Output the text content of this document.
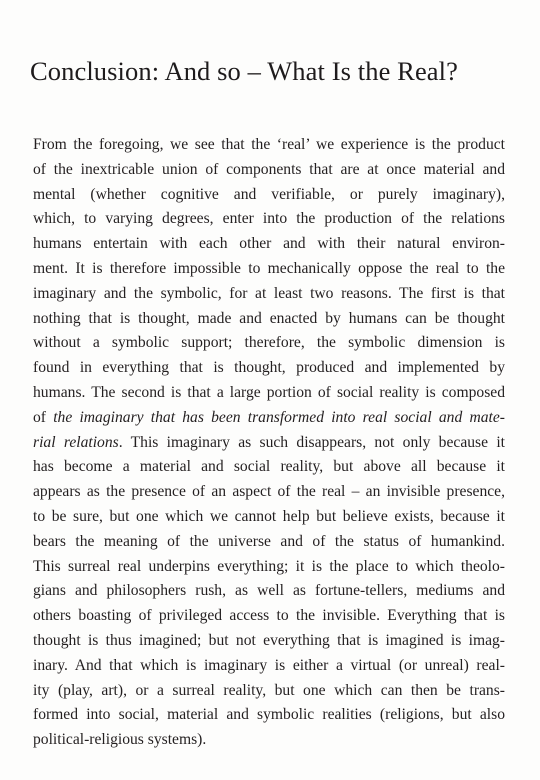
Conclusion: And so – What Is the Real?
From the foregoing, we see that the ‘real’ we experience is the product
of the inextricable union of components that are at once material and
mental (whether cognitive and verifiable, or purely imaginary),
which, to varying degrees, enter into the production of the relations
humans entertain with each other and with their natural environ-
ment. It is therefore impossible to mechanically oppose the real to the
imaginary and the symbolic, for at least two reasons. The first is that
nothing that is thought, made and enacted by humans can be thought
without a symbolic support; therefore, the symbolic dimension is
found in everything that is thought, produced and implemented by
humans. The second is that a large portion of social reality is composed
of the imaginary that has been transformed into real social and mate-
rial relations. This imaginary as such disappears, not only because it
has become a material and social reality, but above all because it
appears as the presence of an aspect of the real – an invisible presence,
to be sure, but one which we cannot help but believe exists, because it
bears the meaning of the universe and of the status of humankind.
This surreal real underpins everything; it is the place to which theolo-
gians and philosophers rush, as well as fortune-tellers, mediums and
others boasting of privileged access to the invisible. Everything that is
thought is thus imagined; but not everything that is imagined is imag-
inary. And that which is imaginary is either a virtual (or unreal) real-
ity (play, art), or a surreal reality, but one which can then be trans-
formed into social, material and symbolic realities (religions, but also
political-religious systems).
